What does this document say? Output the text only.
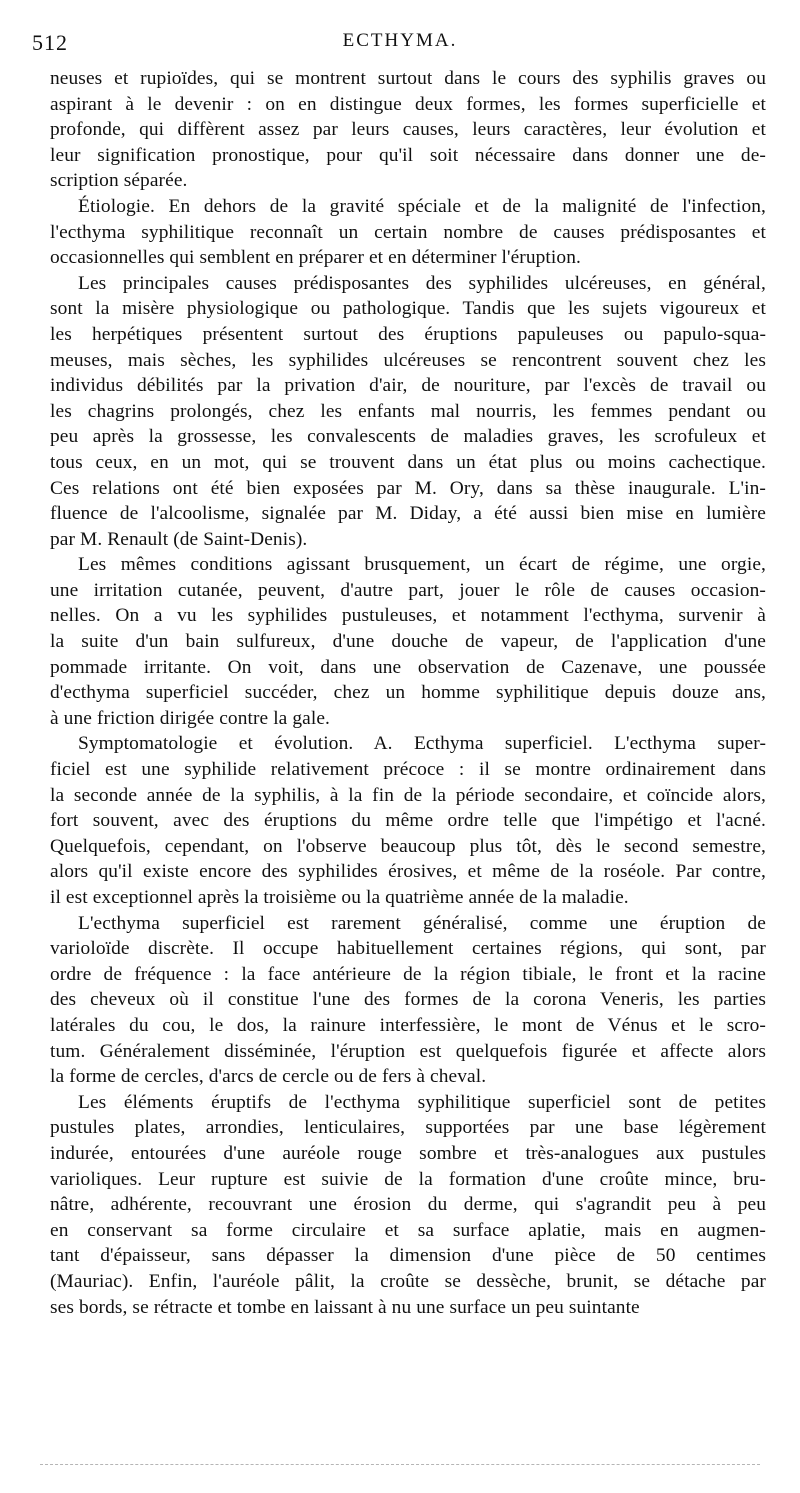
512	ECTHYMA.
neuses et rupioïdes, qui se montrent surtout dans le cours des syphilis graves ou
aspirant à le devenir : on en distingue deux formes, les formes superficielle et
profonde, qui diffèrent assez par leurs causes, leurs caractères, leur évolution et
leur signification pronostique, pour qu'il soit nécessaire dans donner une de-
scription séparée.
Étiologie. En dehors de la gravité spéciale et de la malignité de l'infection,
l'ecthyma syphilitique reconnaît un certain nombre de causes prédisposantes et
occasionnelles qui semblent en préparer et en déterminer l'éruption.
Les principales causes prédisposantes des syphilides ulcéreuses, en général,
sont la misère physiologique ou pathologique. Tandis que les sujets vigoureux et
les herpétiques présentent surtout des éruptions papuleuses ou papulo-squa-
meuses, mais sèches, les syphilides ulcéreuses se rencontrent souvent chez les
individus débilités par la privation d'air, de nouriture, par l'excès de travail ou
les chagrins prolongés, chez les enfants mal nourris, les femmes pendant ou
peu après la grossesse, les convalescents de maladies graves, les scrofuleux et
tous ceux, en un mot, qui se trouvent dans un état plus ou moins cachectique.
Ces relations ont été bien exposées par M. Ory, dans sa thèse inaugurale. L'in-
fluence de l'alcoolisme, signalée par M. Diday, a été aussi bien mise en lumière
par M. Renault (de Saint-Denis).
Les mêmes conditions agissant brusquement, un écart de régime, une orgie,
une irritation cutanée, peuvent, d'autre part, jouer le rôle de causes occasion-
nelles. On a vu les syphilides pustuleuses, et notamment l'ecthyma, survenir à
la suite d'un bain sulfureux, d'une douche de vapeur, de l'application d'une
pommade irritante. On voit, dans une observation de Cazenave, une poussée
d'ecthyma superficiel succéder, chez un homme syphilitique depuis douze ans,
à une friction dirigée contre la gale.
Symptomatologie et évolution. A. Ecthyma superficiel. L'ecthyma super-
ficiel est une syphilide relativement précoce : il se montre ordinairement dans
la seconde année de la syphilis, à la fin de la période secondaire, et coïncide alors,
fort souvent, avec des éruptions du même ordre telle que l'impétigo et l'acné.
Quelquefois, cependant, on l'observe beaucoup plus tôt, dès le second semestre,
alors qu'il existe encore des syphilides érosives, et même de la roséole. Par contre,
il est exceptionnel après la troisième ou la quatrième année de la maladie.
L'ecthyma superficiel est rarement généralisé, comme une éruption de
varioloïde discrète. Il occupe habituellement certaines régions, qui sont, par
ordre de fréquence : la face antérieure de la région tibiale, le front et la racine
des cheveux où il constitue l'une des formes de la corona Veneris, les parties
latérales du cou, le dos, la rainure interfessière, le mont de Vénus et le scro-
tum. Généralement disséminée, l'éruption est quelquefois figurée et affecte alors
la forme de cercles, d'arcs de cercle ou de fers à cheval.
Les éléments éruptifs de l'ecthyma syphilitique superficiel sont de petites
pustules plates, arrondies, lenticulaires, supportées par une base légèrement
indurée, entourées d'une auréole rouge sombre et très-analogues aux pustules
varioliques. Leur rupture est suivie de la formation d'une croûte mince, bru-
nâtre, adhérente, recouvrant une érosion du derme, qui s'agrandit peu à peu
en conservant sa forme circulaire et sa surface aplatie, mais en augmen-
tant d'épaisseur, sans dépasser la dimension d'une pièce de 50 centimes
(Mauriac). Enfin, l'auréole pâlit, la croûte se dessèche, brunit, se détache par
ses bords, se rétracte et tombe en laissant à nu une surface un peu suintante
